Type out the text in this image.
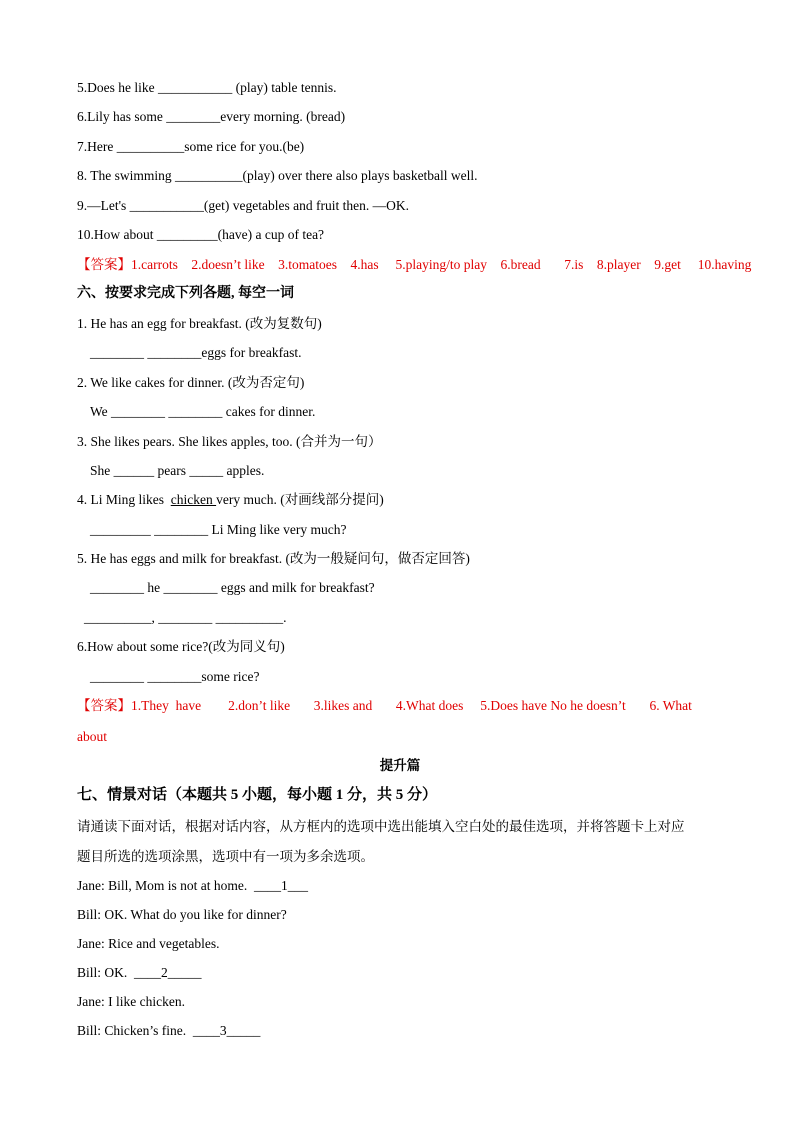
5.Does he like ___________ (play) table tennis.
6.Lily has some ________every morning. (bread)
7.Here __________some rice for you.(be)
8. The swimming __________(play) over there also plays basketball well.
9.—Let's ___________(get) vegetables and fruit then. —OK.
10.How about _________(have) a cup of tea?
【答案】1.carrots 2.doesn’t like 3.tomatoes 4.has 5.playing/to play 6.bread 7.is 8.player 9.get 10.having
六、按要求完成下列各题, 每空一词
1. He has an egg for breakfast. (改为复数句)
________ ________eggs for breakfast.
2. We like cakes for dinner. (改为否定句)
We ________ ________ cakes for dinner.
3. She likes pears. She likes apples, too. (合并为一句）
She ______ pears _____ apples.
4. Li Ming likes  chicken very much. (对画线部分提问)
_________ ________ Li Ming like very much?
5. He has eggs and milk for breakfast. (改为一般疑问句，做否定回答)
________ he ________ eggs and milk for breakfast?
__________, ________ __________.
6.How about some rice?(改为同义句)
________ ________some rice?
【答案】1.They  have 2.don’t like 3.likes and 4.What does 5.Does have No he doesn’t 6. What
about
提升篇
七、情景对话（本题共 5 小题，每小题 1 分，共 5 分）
请通读下面对话，根据对话内容，从方框内的选项中选出能填入空白处的最佳选项，并将答题卡上对应
题目所选的选项涂黑，选项中有一项为多余选项。
Jane: Bill, Mom is not at home.  ____1___
Bill: OK. What do you like for dinner?
Jane: Rice and vegetables.
Bill: OK.  ____2_____
Jane: I like chicken.
Bill: Chicken’s fine.  ____3_____
